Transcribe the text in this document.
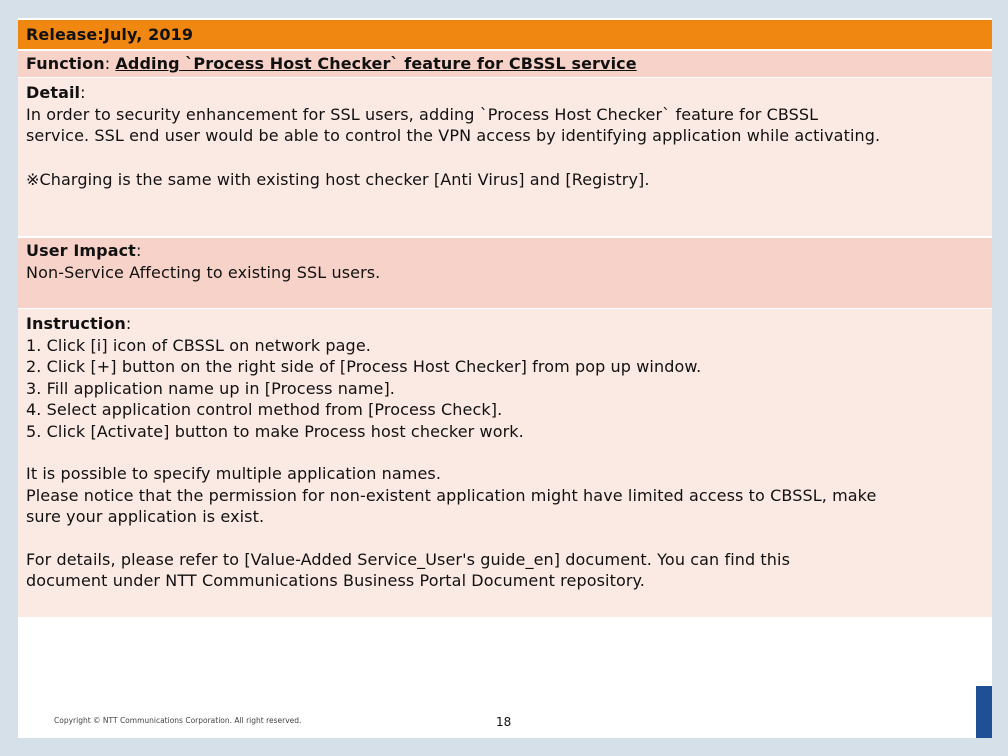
Release:July, 2019
Function: Adding `Process Host Checker` feature for CBSSL service
Detail:
In order to security enhancement for SSL users, adding `Process Host Checker` feature for CBSSL
service. SSL end user would be able to control the VPN access by identifying application while activating.
※Charging is the same with existing host checker [Anti Virus] and [Registry].
User Impact:
Non-Service Affecting to existing SSL users.
Instruction:
1. Click [i] icon of CBSSL on network page.
2. Click [+] button on the right side of [Process Host Checker] from pop up window.
3. Fill application name up in [Process name].
4. Select application control method from [Process Check].
5. Click [Activate] button to make Process host checker work.
It is possible to specify multiple application names.
Please notice that the permission for non-existent application might have limited access to CBSSL, make
sure your application is exist.
For details, please refer to [Value-Added Service_User's guide_en] document. You can find this
document under NTT Communications Business Portal Document repository.
Copyright © NTT Communications Corporation. All right reserved.	18
